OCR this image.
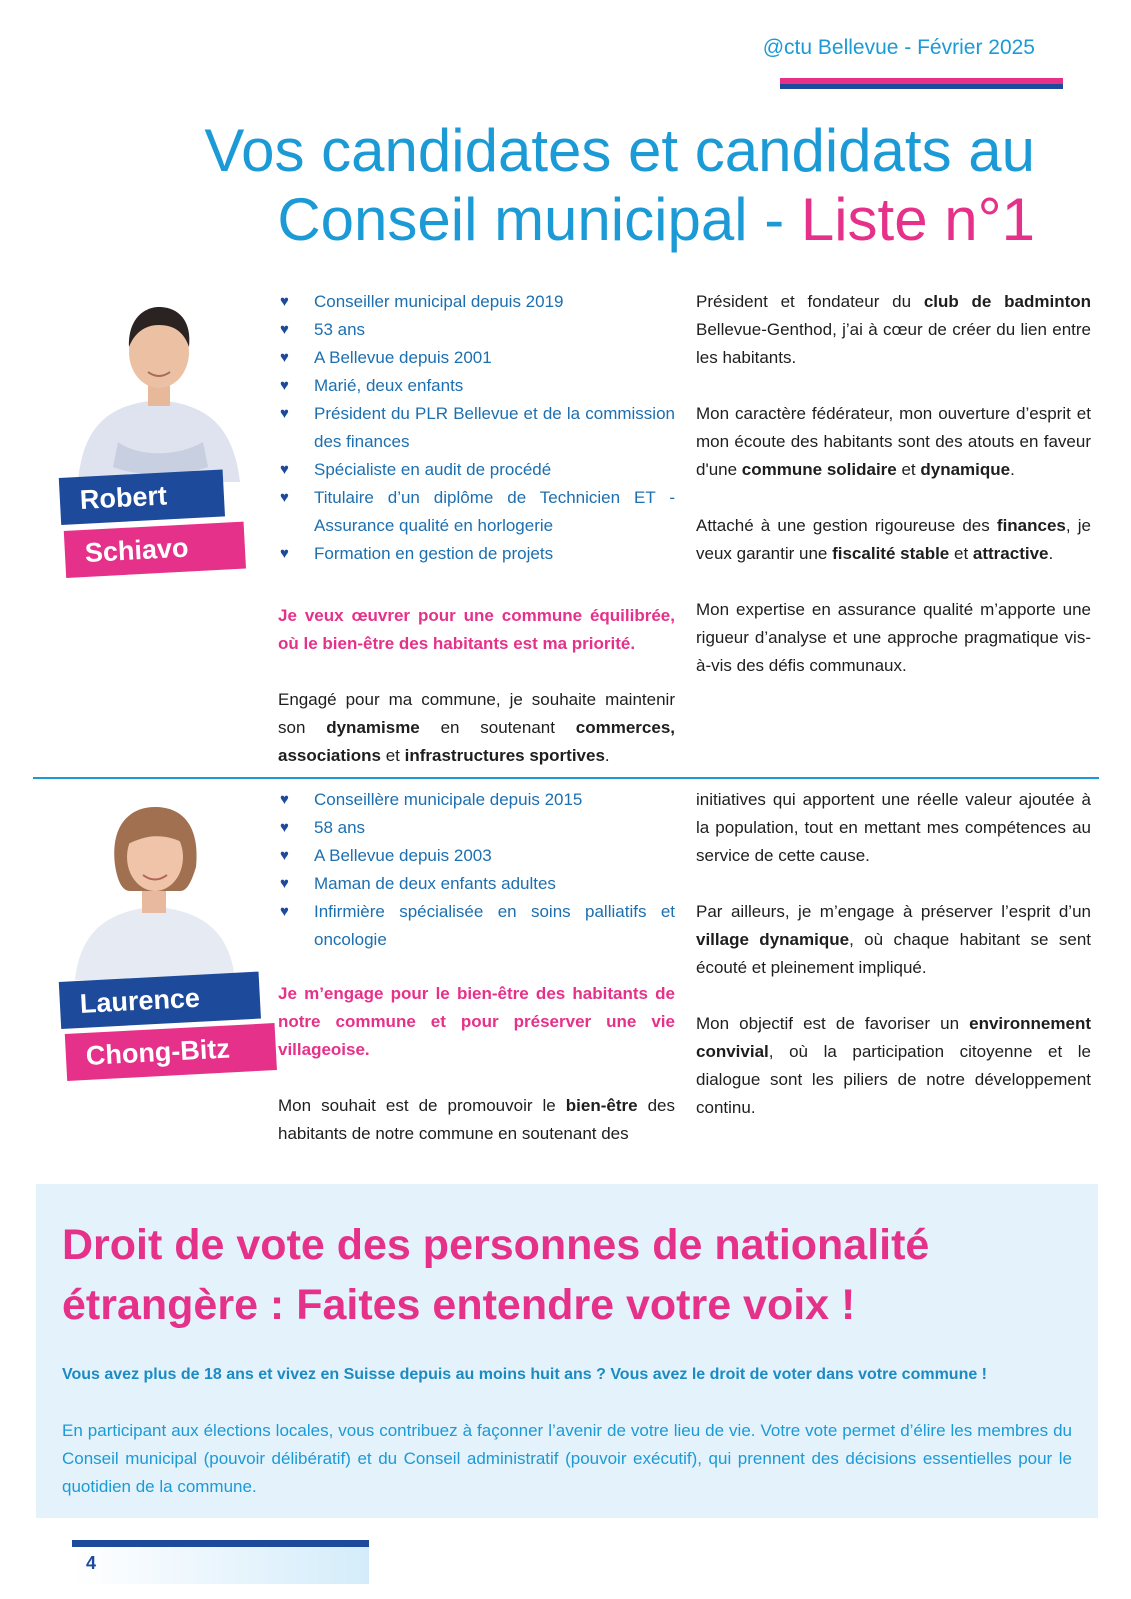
@ctu Bellevue - Février 2025
Vos candidates et candidats au
Conseil municipal - Liste n°1
Robert
Schiavo
♥ Conseiller municipal depuis 2019
♥ 53 ans
♥ A Bellevue depuis 2001
♥ Marié, deux enfants
♥ Président du PLR Bellevue et de la commission des finances
♥ Spécialiste en audit de procédé
♥ Titulaire d’un diplôme de Technicien ET - Assurance qualité en horlogerie
♥ Formation en gestion de projets

Je veux œuvrer pour une commune équilibrée, où le bien-être des habitants est ma priorité.

Engagé pour ma commune, je souhaite maintenir son dynamisme en soutenant commerces, associations et infrastructures sportives.

Président et fondateur du club de badminton Bellevue-Genthod, j’ai à cœur de créer du lien entre les habitants.

Mon caractère fédérateur, mon ouverture d’esprit et mon écoute des habitants sont des atouts en faveur d'une commune solidaire et dynamique.

Attaché à une gestion rigoureuse des finances, je veux garantir une fiscalité stable et attractive.

Mon expertise en assurance qualité m’apporte une rigueur d’analyse et une approche pragmatique vis-à-vis des défis communaux.

Laurence
Chong-Bitz
♥ Conseillère municipale depuis 2015
♥ 58 ans
♥ A Bellevue depuis 2003
♥ Maman de deux enfants adultes
♥ Infirmière spécialisée en soins palliatifs et oncologie

Je m’engage pour le bien-être des habitants de notre commune et pour préserver une vie villageoise.

Mon souhait est de promouvoir le bien-être des habitants de notre commune en soutenant des

initiatives qui apportent une réelle valeur ajoutée à la population, tout en mettant mes compétences au service de cette cause.

Par ailleurs, je m’engage à préserver l’esprit d’un village dynamique, où chaque habitant se sent écouté et pleinement impliqué.

Mon objectif est de favoriser un environnement convivial, où la participation citoyenne et le dialogue sont les piliers de notre développement continu.

Droit de vote des personnes de nationalité étrangère : Faites entendre votre voix !
Vous avez plus de 18 ans et vivez en Suisse depuis au moins huit ans ? Vous avez le droit de voter dans votre commune !

En participant aux élections locales, vous contribuez à façonner l’avenir de votre lieu de vie. Votre vote permet d’élire les membres du Conseil municipal (pouvoir délibératif) et du Conseil administratif (pouvoir exécutif), qui prennent des décisions essentielles pour le quotidien de la commune.

4
